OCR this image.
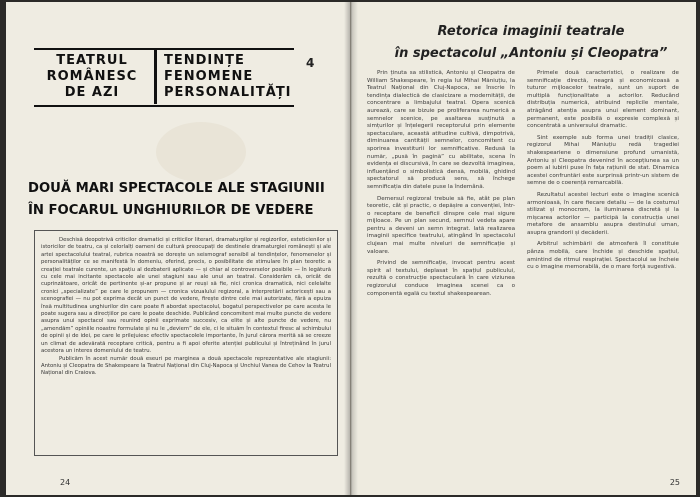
TEATRUL
ROMÂNESC
DE AZI
TENDINȚE
FENOMENE
PERSONALITĂȚI
4
DOUĂ MARI SPECTACOLE ALE STAGIUNII
ÎN FOCARUL UNGHIURILOR DE VEDERE

Deschisă deopotrivă criticilor dramatici și criticilor literari, dramaturgilor și regizorilor, esteticienilor și istoricilor de teatru, ca și celorlalți oameni de cultură preocupați de destinele dramaturgiei românești și ale artei spectacolului teatral, rubrica noastră se dorește un seismograf sensibil al tendințelor, fenomenelor și personalităților ce se manifestă în domeniu, oferind, precis, o posibilitate de stimulare în plan teoretic a creației teatrale curente, un spațiu al dezbaterii aplicate — și chiar al controverselor posibile — în legătură cu cele mai incitante spectacole ale unei stagiuni sau ale unui an teatral. Considerăm că, oricât de cuprinzătoare, oricât de pertinente și-ar propune și ar reuși să fie, nici cronica dramatică, nici celelalte cronici „specializate” pe care le propunem — cronica vizualului regizoral, a interpretării actoricești sau a scenografiei — nu pot exprima decât un punct de vedere, firește dintre cele mai autorizate, fără a epuiza însă multitudinea unghiurilor din care poate fi abordat spectacolul, bogatul perspectivelor pe care acesta le poate sugera sau a direcțiilor pe care le poate deschide. Publicând concomitent mai multe puncte de vedere asupra unui spectacol sau reunind opinii exprimate succesiv, ca elite și alte puncte de vedere, nu „amendăm” opiniile noastre formulate și nu le „deviem” de ele, ci le situăm în contextul firesc al schimbului de opinii și de idei, pe care le prilejuiesc efectiv spectacolele importante, în jurul cărora merită să se creeze un climat de adevărată receptare critică, pentru a fi apoi oferite atenției publicului și întreținând în jurul acestora un interes domeniului de teatru.

Publicăm în acest număr două eseuri pe marginea a două spectacole reprezentative ale stagiunii: Antoniu și Cleopatra de Shakespeare la Teatrul Național din Cluj-Napoca și Unchiul Vanea de Cehov la Teatrul Național din Craiova.

24
Retorica imaginii teatrale
în spectacolul „Antoniu și Cleopatra”

Prin ținuta sa stilistică, Antoniu și Cleopatra de William Shakespeare, în regia lui Mihai Măniuțiu, la Teatrul Național din Cluj-Napoca, se înscrie în tendința dialectică de clasicizare a modernității, de concentrare a limbajului teatral. Opera scenică aurează, care se bizuie pe proliferarea numerică a semnelor scenice, pe asaltarea susținută a simțurilor și înțelegerii receptorului prin elemente spectaculare, această atitudine cultivă, dimpotrivă, diminuarea cantității semnelor, concomitent cu sporirea investiturii lor semnificative. Redusă la număr, „pusă în pagină” cu abilitate, scena în evidența ei discursivă, în care se dezvoltă imaginea, influențând o simbolistică densă, mobilă, ghidind spectatorul să producă sens, să închege semnificația din datele puse la îndemână.

Demersul regizoral trebuie să fie, atât pe plan teoretic, cât și practic, o depășire a convenției, într-o receptare de beneficii dinspre cele mai sigure mijloace. Pe un plan secund, semnul vedeta apare pentru a deveni un semn integrat. Iată realizarea imaginii specifice teatrului, atingând în spectacolul clujean mai multe niveluri de semnificație și valoare.

Privind de semnificație, invocat pentru acest spirit al textului, deplasat în spațiul publicului, rezultă o construcție spectaculară în care viziunea regizorului conduce imaginea scenei ca o componentă egală cu textul shakespearean.

Primele două caracteristici, o realizare de semnificație directă, neagră și economicoasă a tuturor mijloacelor teatrale, sunt un suport de multiplă funcționalitate a actorilor. Reducând distribuția numerică, atribuind replicile mentale, atrăgând atenția asupra unui element dominant, permanent, este posibilă o expresie complexă și concentrată a universului dramatic.

Sint exemple sub forma unei tradiții clasice, regizorul Mihai Măniuțiu redă tragediei shakespeariene o dimensiune profund umanistă, Antoniu și Cleopatra devenind în accepțiunea sa un poem al iubirii puse în fața rațiunii de stat. Dinamica acestei confruntări este surprinsă printr-un sistem de semne de o coerență remarcabilă.

Rezultatul acestei lecturi este o imagine scenică armonioasă, în care fiecare detaliu — de la costumul stilizat și monocrom, la iluminarea discretă și la mișcarea actorilor — participă la construcția unei metafore de ansamblu asupra destinului uman, asupra grandorii și decăderii.

Arbitrul schimbării de atmosferă îl constituie pânza mobilă, care închide și deschide spațiul, amintind de ritmul respirației. Spectacolul se încheie cu o imagine memorabilă, de o mare forță sugestivă.

25
